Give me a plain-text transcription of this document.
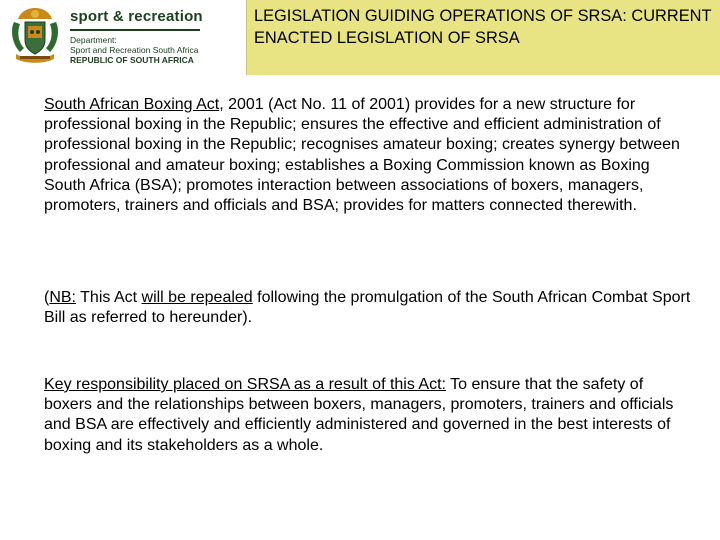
sport & recreation
Department:
Sport and Recreation South Africa
REPUBLIC OF SOUTH AFRICA
LEGISLATION GUIDING OPERATIONS OF SRSA: CURRENT ENACTED LEGISLATION OF SRSA

South African Boxing Act, 2001 (Act No. 11 of 2001) provides for a new structure for professional boxing in the Republic; ensures the effective and efficient administration of professional boxing in the Republic; recognises amateur boxing; creates synergy between professional and amateur boxing; establishes a Boxing Commission known as Boxing South Africa (BSA); promotes interaction between associations of boxers, managers, promoters, trainers and officials and BSA; provides for matters connected therewith.

(NB: This Act will be repealed following the promulgation of the South African Combat Sport Bill as referred to hereunder).

Key responsibility placed on SRSA as a result of this Act: To ensure that the safety of boxers and the relationships between boxers, managers, promoters, trainers and officials and BSA are effectively and efficiently administered and governed in the best interests of boxing and its stakeholders as a whole.
